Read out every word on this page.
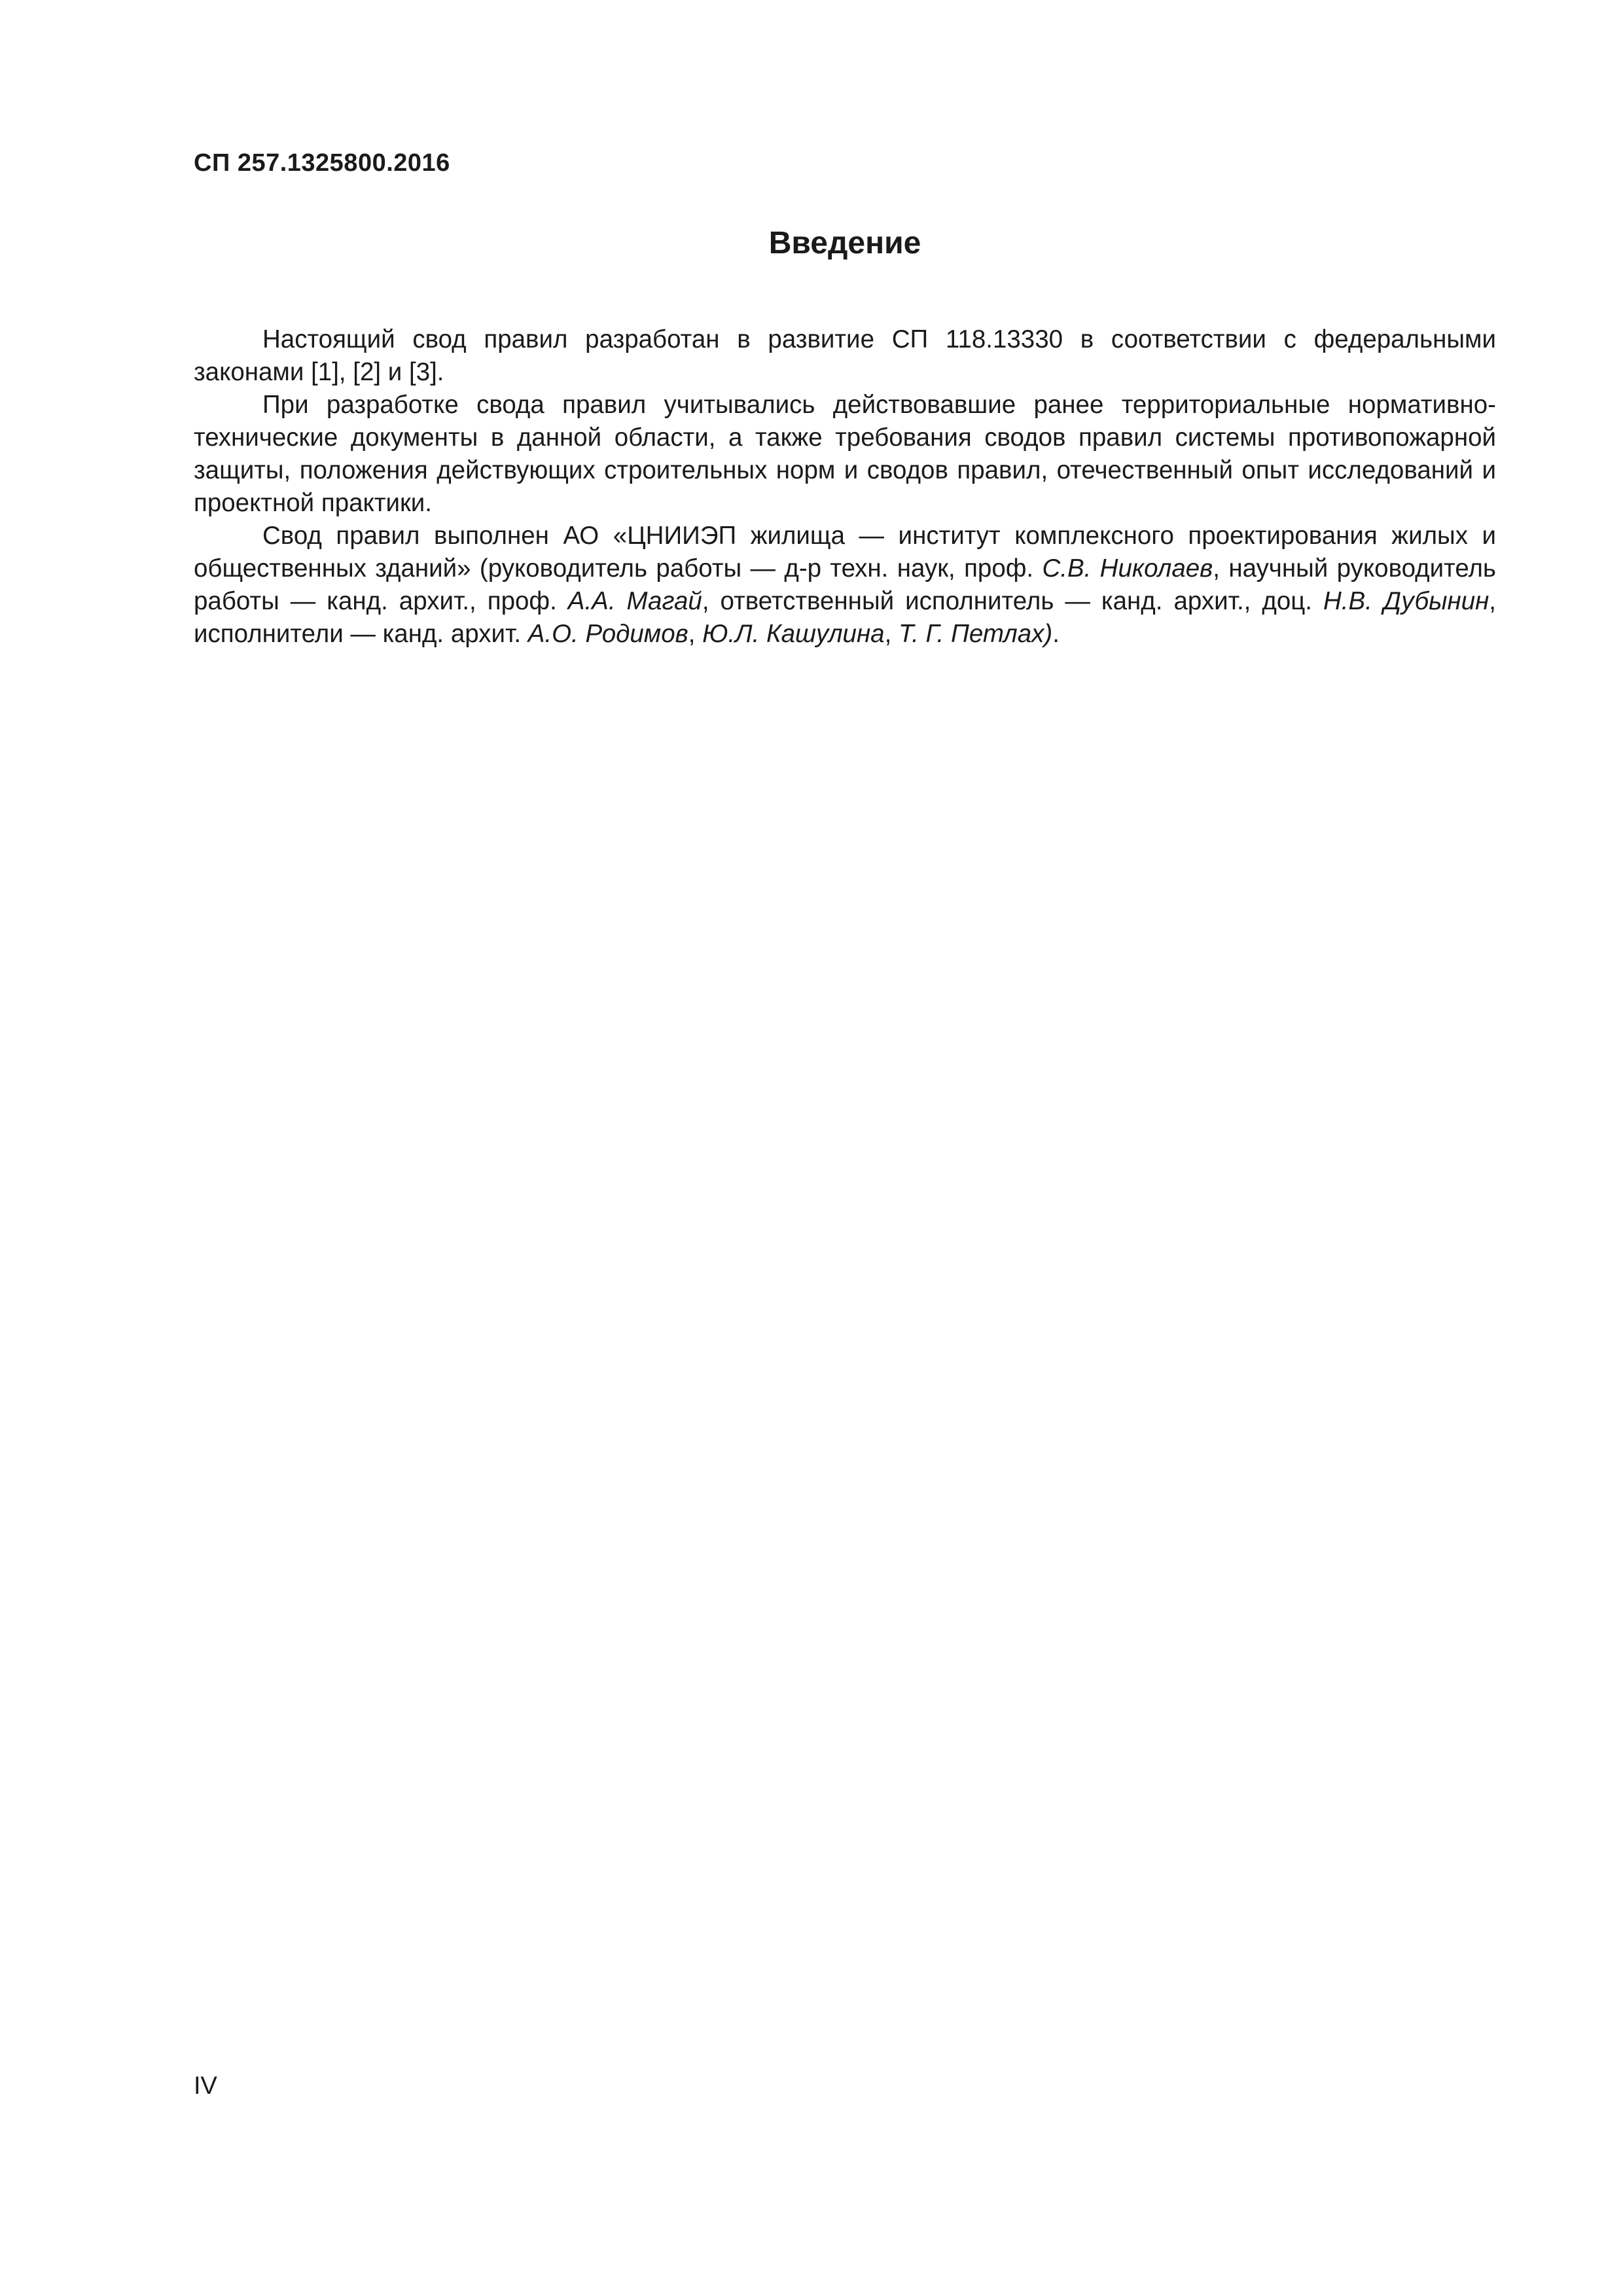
СП 257.1325800.2016
Введение

Настоящий свод правил разработан в развитие СП 118.13330 в соответствии с федеральными законами [1], [2] и [3].

При разработке свода правил учитывались действовавшие ранее территориальные нормативно-технические документы в данной области, а также требования сводов правил системы противопожарной защиты, положения действующих строительных норм и сводов правил, отечественный опыт исследований и проектной практики.

Свод правил выполнен АО «ЦНИИЭП жилища — институт комплексного проектирования жилых и общественных зданий» (руководитель работы — д-р техн. наук, проф. С.В. Николаев, научный руководитель работы — канд. архит., проф. А.А. Магай, ответственный исполнитель — канд. архит., доц. Н.В. Дубынин, исполнители — канд. архит. А.О. Родимов, Ю.Л. Кашулина, Т. Г. Петлах).

IV
